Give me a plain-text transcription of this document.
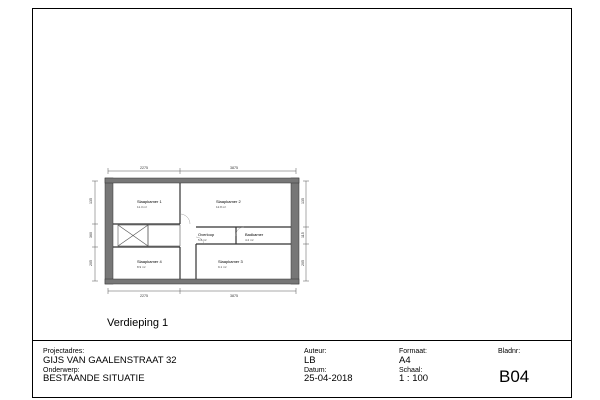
Slaapkamer 1
11.3 m²
Slaapkamer 2
12.8 m²
Overloop
5.6 m²
Badkamer
4.2 m²
Slaapkamer 4
8.9 m²
Slaapkamer 3
9.1 m²
2275	3875
2275	3875
135
360
205
135
115
205
Verdieping 1
Projectadres:
GIJS VAN GAALENSTRAAT 32
Onderwerp:
BESTAANDE SITUATIE
Auteur:
LB
Datum:
25-04-2018
Formaat:
A4
Schaal:
1 : 100
Bladnr:
B04
